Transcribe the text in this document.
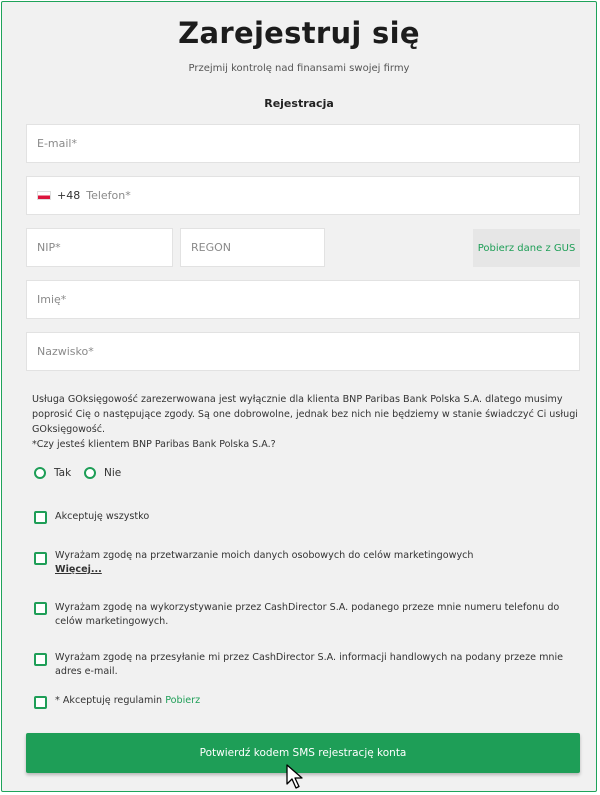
Zarejestruj się
Przejmij kontrolę nad finansami swojej firmy
Rejestracja
E-mail*
+48 Telefon*
NIP*	REGON	Pobierz dane z GUS
Imię*
Nazwisko*
Usługa GOksięgowość zarezerwowana jest wyłącznie dla klienta BNP Paribas Bank Polska S.A. dlatego musimy poprosić Cię o następujące zgody. Są one dobrowolne, jednak bez nich nie będziemy w stanie świadczyć Ci usługi GOksięgowość.
*Czy jesteś klientem BNP Paribas Bank Polska S.A.?
Tak	Nie
Akceptuję wszystko
Wyrażam zgodę na przetwarzanie moich danych osobowych do celów marketingowych
Więcej...
Wyrażam zgodę na wykorzystywanie przez CashDirector S.A. podanego przeze mnie numeru telefonu do celów marketingowych.
Wyrażam zgodę na przesyłanie mi przez CashDirector S.A. informacji handlowych na podany przeze mnie adres e-mail.
* Akceptuję regulamin Pobierz
Potwierdź kodem SMS rejestrację konta
